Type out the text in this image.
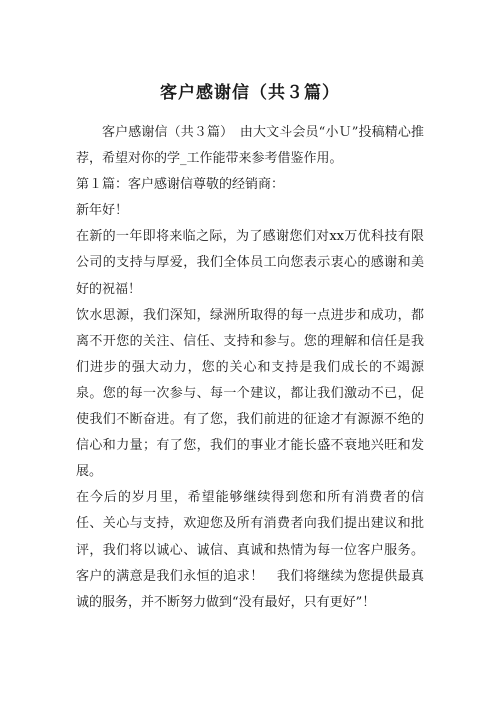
客户感谢信（共３篇）

客户感谢信（共３篇）　由大文斗会员“小Ｕ”投稿精心推荐，希望对你的学_工作能带来参考借鉴作用。

第１篇：客户感谢信尊敬的经销商：

新年好！

在新的一年即将来临之际，为了感谢您们对xx万优科技有限公司的支持与厚爱，我们全体员工向您表示衷心的感谢和美好的祝福！

饮水思源，我们深知，绿洲所取得的每一点进步和成功，都离不开您的关注、信任、支持和参与。您的理解和信任是我们进步的强大动力，您的关心和支持是我们成长的不竭源泉。您的每一次参与、每一个建议，都让我们激动不已，促使我们不断奋进。有了您，我们前进的征途才有源源不绝的信心和力量；有了您，我们的事业才能长盛不衰地兴旺和发展。

在今后的岁月里，希望能够继续得到您和所有消费者的信任、关心与支持，欢迎您及所有消费者向我们提出建议和批评，我们将以诚心、诚信、真诚和热情为每一位客户服务。客户的满意是我们永恒的追求！　我们将继续为您提供最真诚的服务，并不断努力做到“没有最好，只有更好”！
